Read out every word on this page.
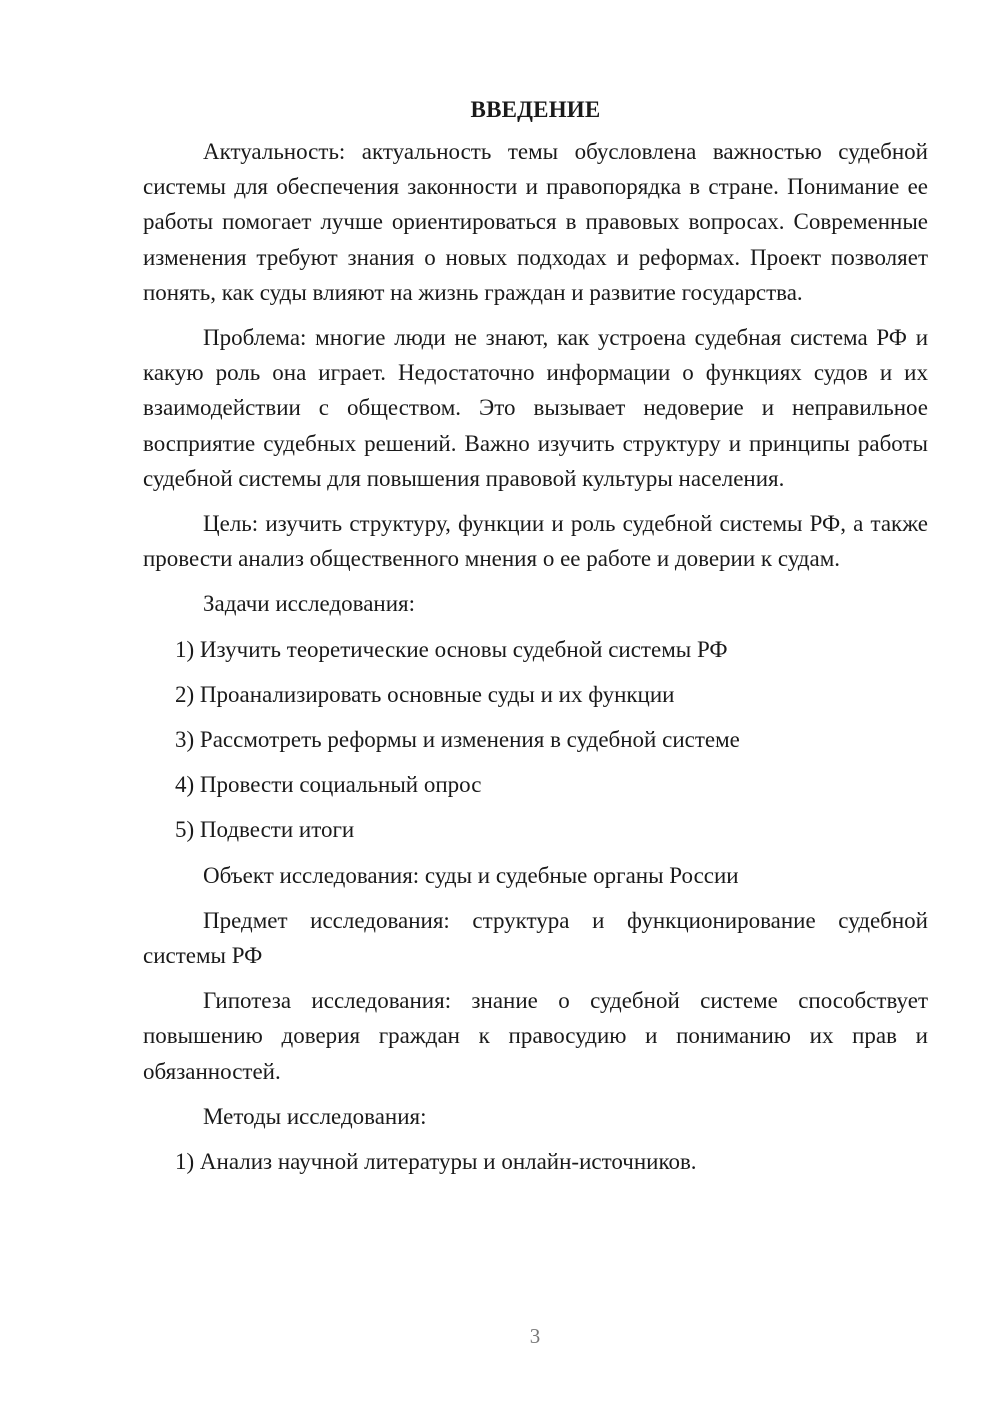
ВВЕДЕНИЕ

Актуальность: актуальность темы обусловлена важностью судебной системы для обеспечения законности и правопорядка в стране. Понимание ее работы помогает лучше ориентироваться в правовых вопросах. Современные изменения требуют знания о новых подходах и реформах. Проект позволяет понять, как суды влияют на жизнь граждан и развитие государства.

Проблема: многие люди не знают, как устроена судебная система РФ и какую роль она играет. Недостаточно информации о функциях судов и их взаимодействии с обществом. Это вызывает недоверие и неправильное восприятие судебных решений. Важно изучить структуру и принципы работы судебной системы для повышения правовой культуры населения.

Цель: изучить структуру, функции и роль судебной системы РФ, а также провести анализ общественного мнения о ее работе и доверии к судам.

Задачи исследования:

1) Изучить теоретические основы судебной системы РФ
2) Проанализировать основные суды и их функции
3) Рассмотреть реформы и изменения в судебной системе
4) Провести социальный опрос
5) Подвести итоги

Объект исследования: суды и судебные органы России

Предмет исследования: структура и функционирование судебной системы РФ

Гипотеза исследования: знание о судебной системе способствует повышению доверия граждан к правосудию и пониманию их прав и обязанностей.

Методы исследования:

1) Анализ научной литературы и онлайн-источников.
3
